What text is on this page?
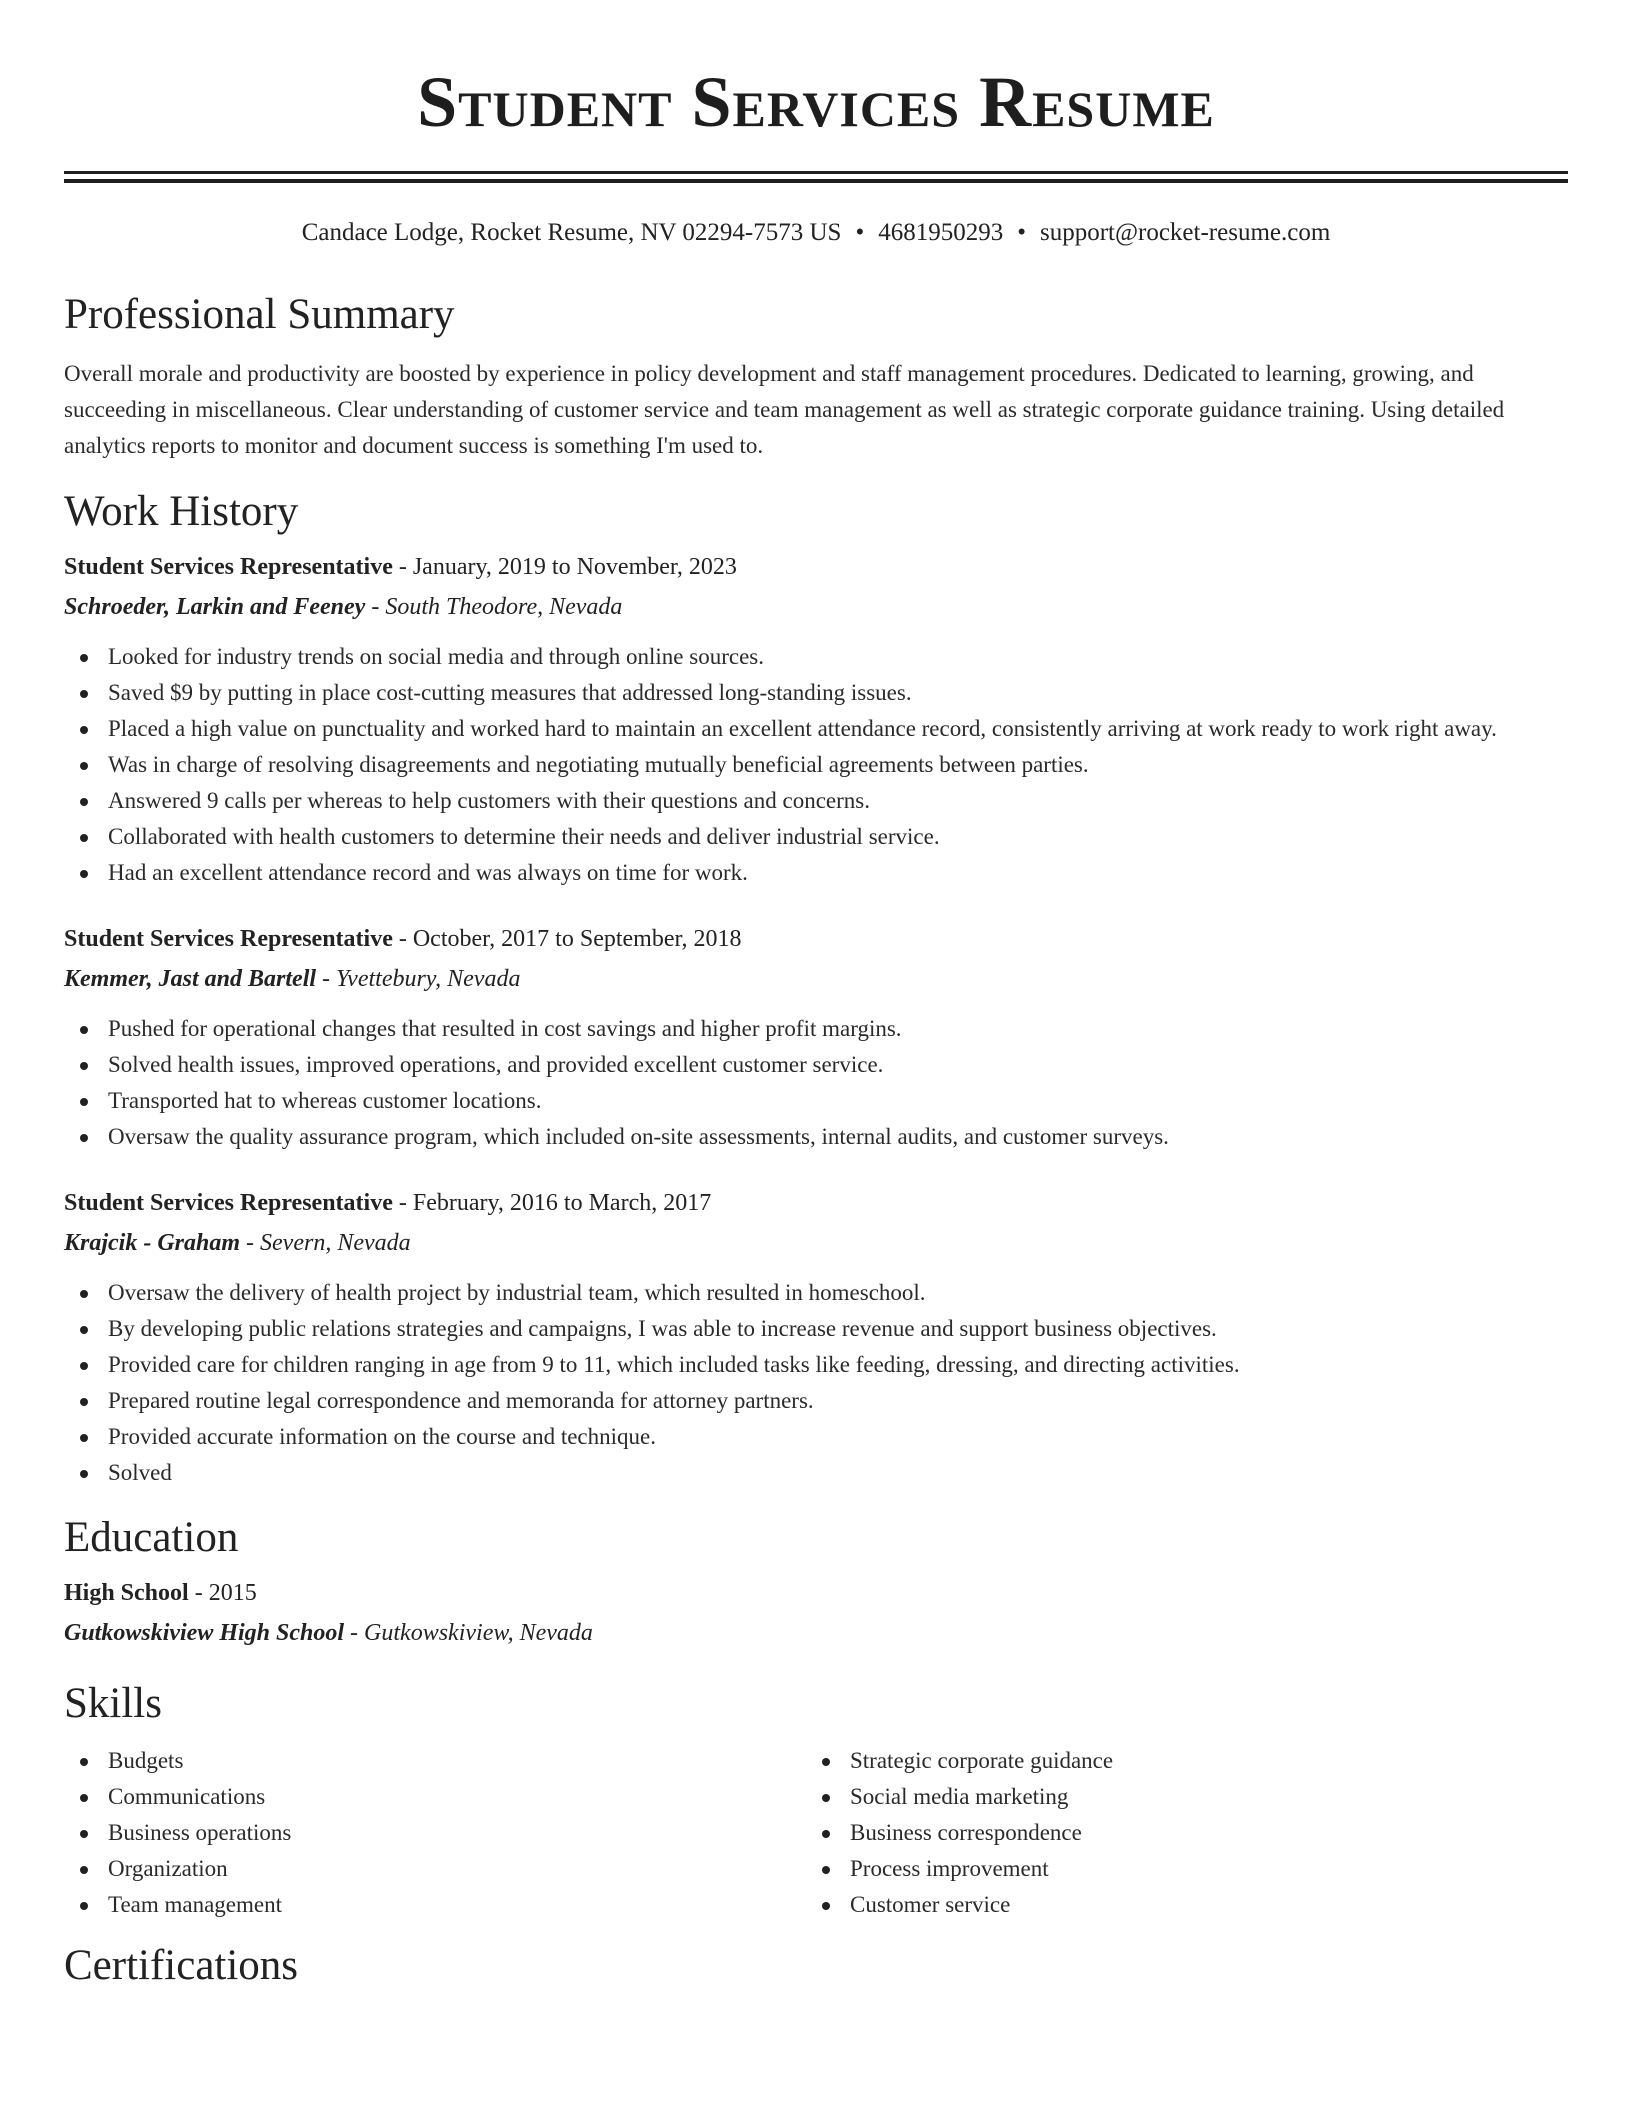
Student Services Resume
Candace Lodge, Rocket Resume, NV 02294-7573 US • 4681950293 • support@rocket-resume.com
Professional Summary

Overall morale and productivity are boosted by experience in policy development and staff management procedures. Dedicated to learning, growing, and succeeding in miscellaneous. Clear understanding of customer service and team management as well as strategic corporate guidance training. Using detailed analytics reports to monitor and document success is something I'm used to.

Work History
Student Services Representative - January, 2019 to November, 2023
Schroeder, Larkin and Feeney - South Theodore, Nevada
Looked for industry trends on social media and through online sources.
Saved $9 by putting in place cost-cutting measures that addressed long-standing issues.
Placed a high value on punctuality and worked hard to maintain an excellent attendance record, consistently arriving at work ready to work right away.
Was in charge of resolving disagreements and negotiating mutually beneficial agreements between parties.
Answered 9 calls per whereas to help customers with their questions and concerns.
Collaborated with health customers to determine their needs and deliver industrial service.
Had an excellent attendance record and was always on time for work.
Student Services Representative - October, 2017 to September, 2018
Kemmer, Jast and Bartell - Yvettebury, Nevada
Pushed for operational changes that resulted in cost savings and higher profit margins.
Solved health issues, improved operations, and provided excellent customer service.
Transported hat to whereas customer locations.
Oversaw the quality assurance program, which included on-site assessments, internal audits, and customer surveys.
Student Services Representative - February, 2016 to March, 2017
Krajcik - Graham - Severn, Nevada
Oversaw the delivery of health project by industrial team, which resulted in homeschool.
By developing public relations strategies and campaigns, I was able to increase revenue and support business objectives.
Provided care for children ranging in age from 9 to 11, which included tasks like feeding, dressing, and directing activities.
Prepared routine legal correspondence and memoranda for attorney partners.
Provided accurate information on the course and technique.
Solved
Education
High School - 2015
Gutkowskiview High School - Gutkowskiview, Nevada
Skills
Budgets
Communications
Business operations
Organization
Team management
Strategic corporate guidance
Social media marketing
Business correspondence
Process improvement
Customer service
Certifications
